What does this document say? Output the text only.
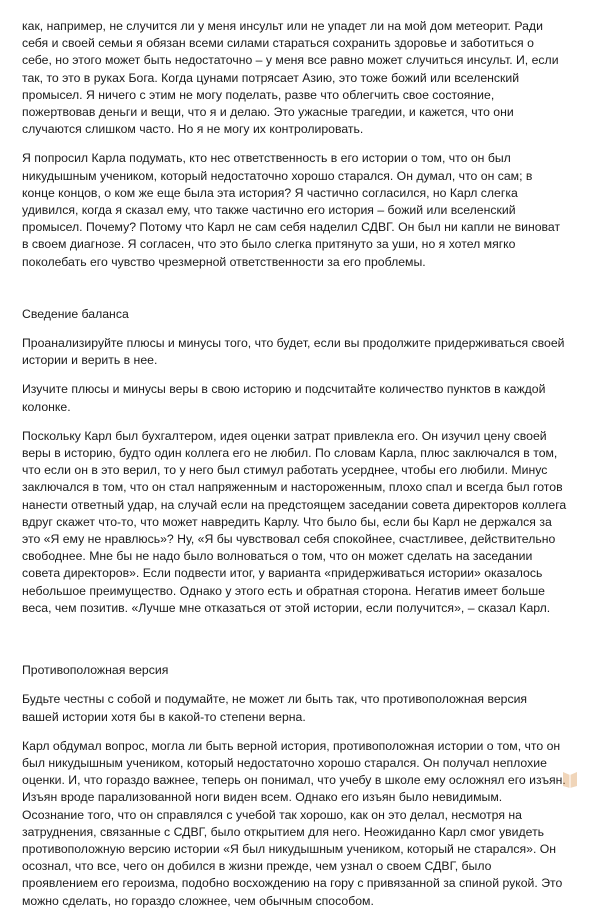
как, например, не случится ли у меня инсульт или не упадет ли на мой дом метеорит. Ради себя и своей семьи я обязан всеми силами стараться сохранить здоровье и заботиться о себе, но этого может быть недостаточно – у меня все равно может случиться инсульт. И, если так, то это в руках Бога. Когда цунами потрясает Азию, это тоже божий или вселенский промысел. Я ничего с этим не могу поделать, разве что облегчить свое состояние, пожертвовав деньги и вещи, что я и делаю. Это ужасные трагедии, и кажется, что они случаются слишком часто. Но я не могу их контролировать.

Я попросил Карла подумать, кто нес ответственность в его истории о том, что он был никудышным учеником, который недостаточно хорошо старался. Он думал, что он сам; в конце концов, о ком же еще была эта история? Я частично согласился, но Карл слегка удивился, когда я сказал ему, что также частично его история – божий или вселенский промысел. Почему? Потому что Карл не сам себя наделил СДВГ. Он был ни капли не виноват в своем диагнозе. Я согласен, что это было слегка притянуто за уши, но я хотел мягко поколебать его чувство чрезмерной ответственности за его проблемы.

Сведение баланса

Проанализируйте плюсы и минусы того, что будет, если вы продолжите придерживаться своей истории и верить в нее.

Изучите плюсы и минусы веры в свою историю и подсчитайте количество пунктов в каждой колонке.

Поскольку Карл был бухгалтером, идея оценки затрат привлекла его. Он изучил цену своей веры в историю, будто один коллега его не любил. По словам Карла, плюс заключался в том, что если он в это верил, то у него был стимул работать усерднее, чтобы его любили. Минус заключался в том, что он стал напряженным и настороженным, плохо спал и всегда был готов нанести ответный удар, на случай если на предстоящем заседании совета директоров коллега вдруг скажет что-то, что может навредить Карлу. Что было бы, если бы Карл не держался за это «Я ему не нравлюсь»? Ну, «Я бы чувствовал себя спокойнее, счастливее, действительно свободнее. Мне бы не надо было волноваться о том, что он может сделать на заседании совета директоров». Если подвести итог, у варианта «придерживаться истории» оказалось небольшое преимущество. Однако у этого есть и обратная сторона. Негатив имеет больше веса, чем позитив. «Лучше мне отказаться от этой истории, если получится», – сказал Карл.

Противоположная версия

Будьте честны с собой и подумайте, не может ли быть так, что противоположная версия вашей истории хотя бы в какой-то степени верна.

Карл обдумал вопрос, могла ли быть верной история, противоположная истории о том, что он был никудышным учеником, который недостаточно хорошо старался. Он получал неплохие оценки. И, что гораздо важнее, теперь он понимал, что учебу в школе ему осложнял его изъян. Изъян вроде парализованной ноги виден всем. Однако его изъян было невидимым. Осознание того, что он справлялся с учебой так хорошо, как он это делал, несмотря на затруднения, связанные с СДВГ, было открытием для него. Неожиданно Карл смог увидеть противоположную версию истории «Я был никудышным учеником, который не старался». Он осознал, что все, чего он добился в жизни прежде, чем узнал о своем СДВГ, было проявлением его героизма, подобно восхождению на гору с привязанной за спиной рукой. Это можно сделать, но гораздо сложнее, чем обычным способом.
